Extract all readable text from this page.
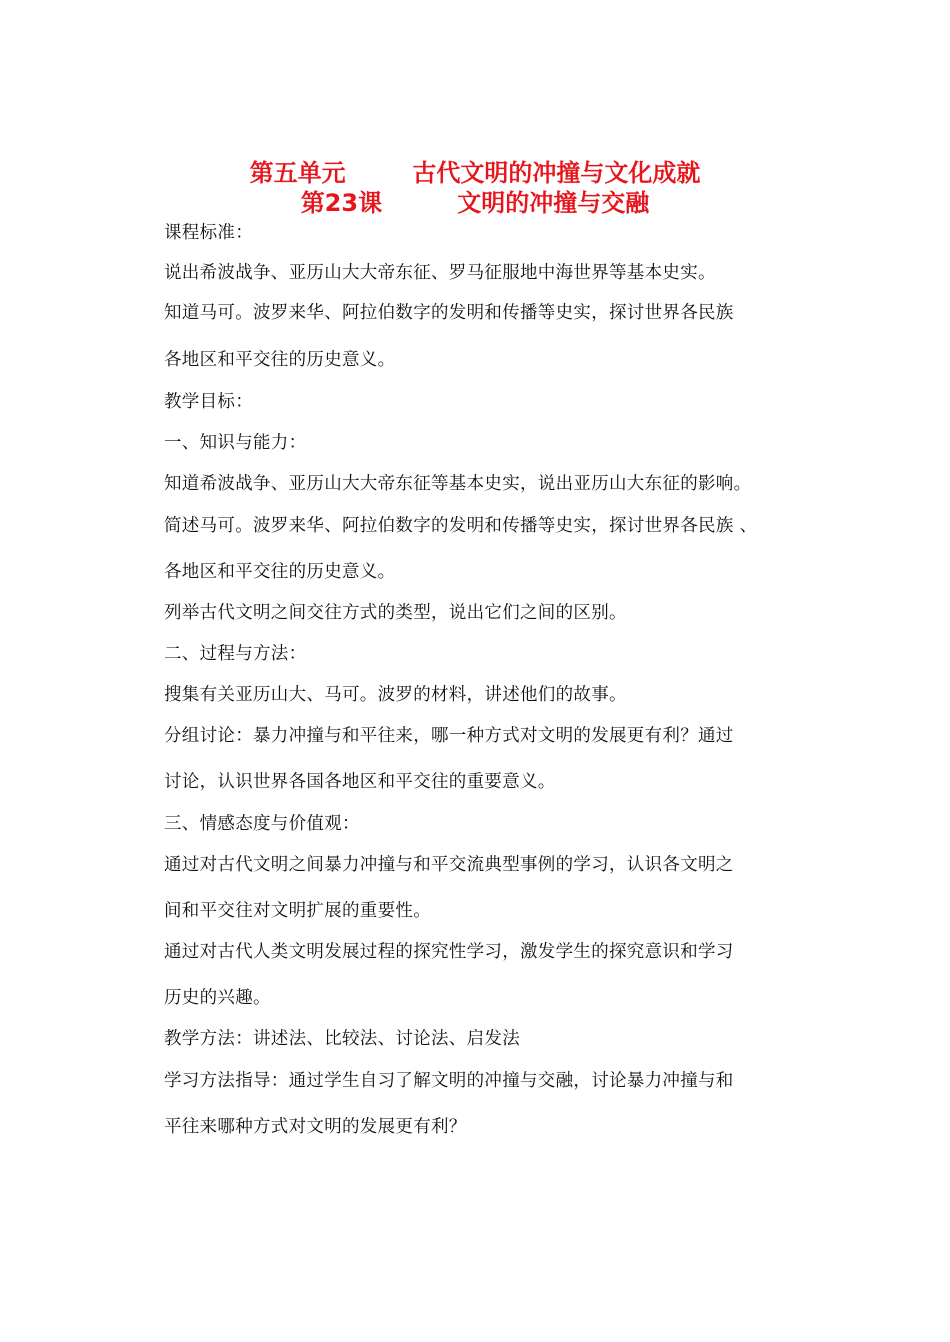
第五单元        古代文明的冲撞与文化成就
第23课         文明的冲撞与交融
课程标准：
说出希波战争、亚历山大大帝东征、罗马征服地中海世界等基本史实。
知道马可。波罗来华、阿拉伯数字的发明和传播等史实，探讨世界各民族
各地区和平交往的历史意义。
教学目标：
一、知识与能力：
知道希波战争、亚历山大大帝东征等基本史实，说出亚历山大东征的影响。
简述马可。波罗来华、阿拉伯数字的发明和传播等史实，探讨世界各民族 、
各地区和平交往的历史意义。
列举古代文明之间交往方式的类型，说出它们之间的区别。
二、过程与方法：
搜集有关亚历山大、马可。波罗的材料，讲述他们的故事。
分组讨论：暴力冲撞与和平往来，哪一种方式对文明的发展更有利？通过
讨论，认识世界各国各地区和平交往的重要意义。
三、情感态度与价值观：
通过对古代文明之间暴力冲撞与和平交流典型事例的学习，认识各文明之
间和平交往对文明扩展的重要性。
通过对古代人类文明发展过程的探究性学习，激发学生的探究意识和学习
历史的兴趣。
教学方法：讲述法、比较法、讨论法、启发法
学习方法指导：通过学生自习了解文明的冲撞与交融，讨论暴力冲撞与和
平往来哪种方式对文明的发展更有利？
